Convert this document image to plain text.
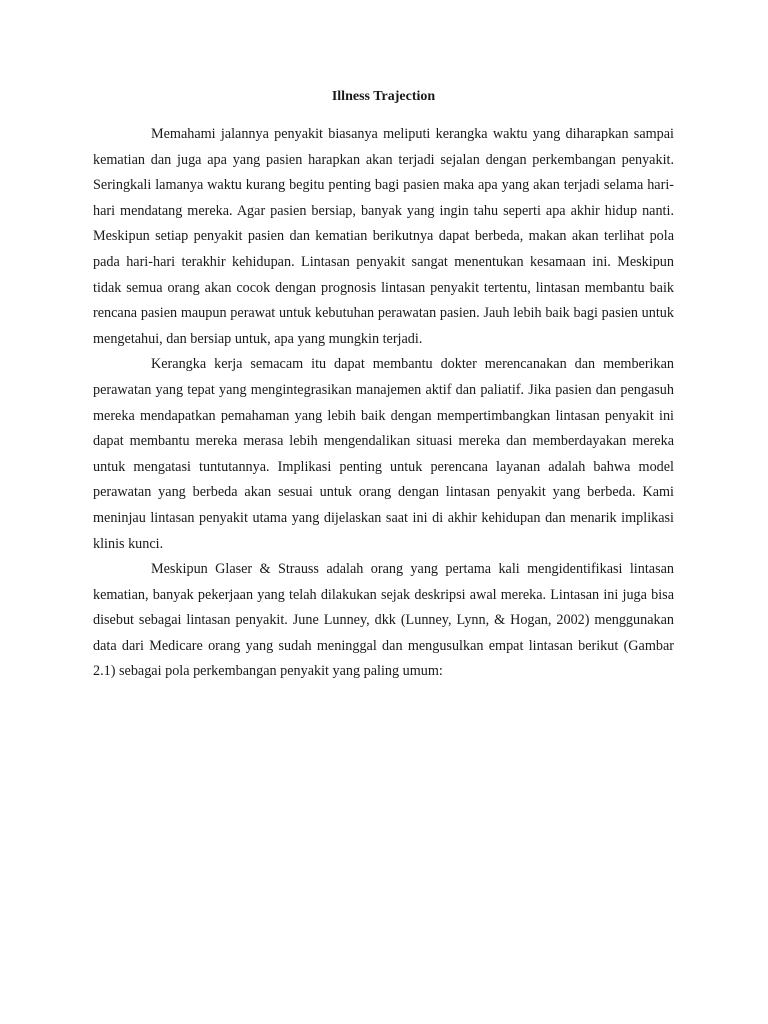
Illness Trajection

Memahami jalannya penyakit biasanya meliputi kerangka waktu yang diharapkan sampai kematian dan juga apa yang pasien harapkan akan terjadi sejalan dengan perkembangan penyakit. Seringkali lamanya waktu kurang begitu penting bagi pasien maka apa yang akan terjadi selama hari-hari mendatang mereka. Agar pasien bersiap, banyak yang ingin tahu seperti apa akhir hidup nanti. Meskipun setiap penyakit pasien dan kematian berikutnya dapat berbeda, makan akan terlihat pola pada hari-hari terakhir kehidupan. Lintasan penyakit sangat menentukan kesamaan ini. Meskipun tidak semua orang akan cocok dengan prognosis lintasan penyakit tertentu, lintasan membantu baik rencana pasien maupun perawat untuk kebutuhan perawatan pasien. Jauh lebih baik bagi pasien untuk mengetahui, dan bersiap untuk, apa yang mungkin terjadi.

Kerangka kerja semacam itu dapat membantu dokter merencanakan dan memberikan perawatan yang tepat yang mengintegrasikan manajemen aktif dan paliatif. Jika pasien dan pengasuh mereka mendapatkan pemahaman yang lebih baik dengan mempertimbangkan lintasan penyakit ini dapat membantu mereka merasa lebih mengendalikan situasi mereka dan memberdayakan mereka untuk mengatasi tuntutannya. Implikasi penting untuk perencana layanan adalah bahwa model perawatan yang berbeda akan sesuai untuk orang dengan lintasan penyakit yang berbeda. Kami meninjau lintasan penyakit utama yang dijelaskan saat ini di akhir kehidupan dan menarik implikasi klinis kunci.

Meskipun Glaser & Strauss adalah orang yang pertama kali mengidentifikasi lintasan kematian, banyak pekerjaan yang telah dilakukan sejak deskripsi awal mereka. Lintasan ini juga bisa disebut sebagai lintasan penyakit. June Lunney, dkk (Lunney, Lynn, & Hogan, 2002) menggunakan data dari Medicare orang yang sudah meninggal dan mengusulkan empat lintasan berikut (Gambar 2.1) sebagai pola perkembangan penyakit yang paling umum:
